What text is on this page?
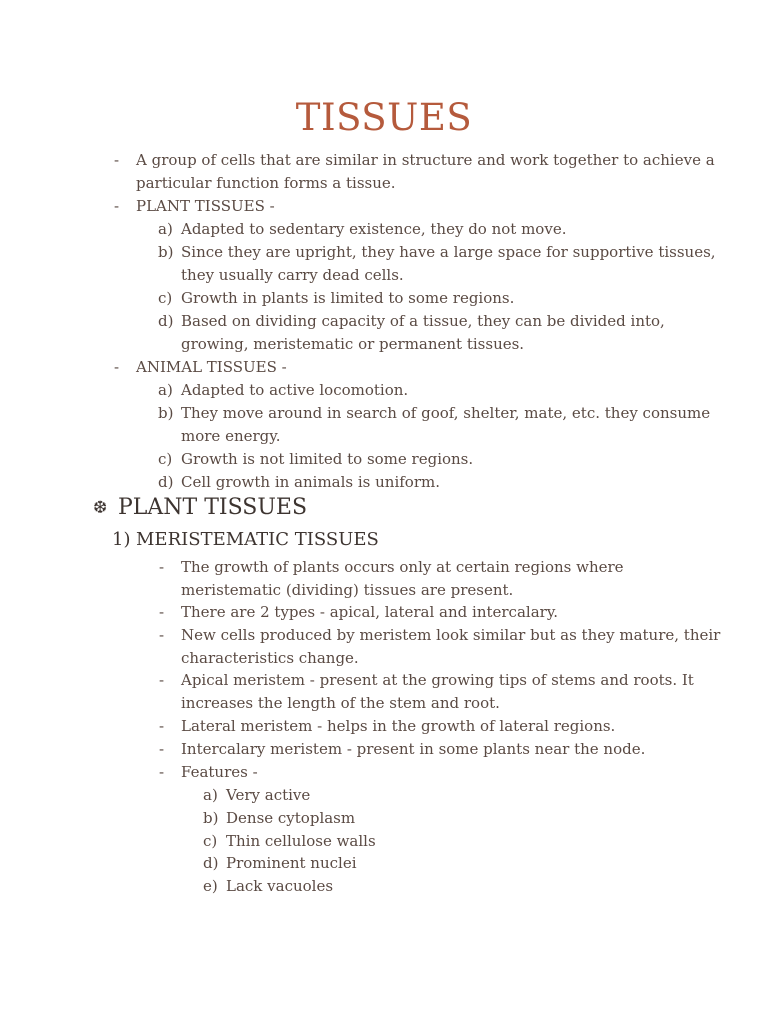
TISSUES
- A group of cells that are similar in structure and work together to achieve a
particular function forms a tissue.
- PLANT TISSUES -
a) Adapted to sedentary existence, they do not move.
b) Since they are upright, they have a large space for supportive tissues,
they usually carry dead cells.
c) Growth in plants is limited to some regions.
d) Based on dividing capacity of a tissue, they can be divided into,
growing, meristematic or permanent tissues.
- ANIMAL TISSUES -
a) Adapted to active locomotion.
b) They move around in search of goof, shelter, mate, etc. they consume
more energy.
c) Growth is not limited to some regions.
d) Cell growth in animals is uniform.
❆ PLANT TISSUES
1) MERISTEMATIC TISSUES
- The growth of plants occurs only at certain regions where
meristematic (dividing) tissues are present.
- There are 2 types - apical, lateral and intercalary.
- New cells produced by meristem look similar but as they mature, their
characteristics change.
- Apical meristem - present at the growing tips of stems and roots. It
increases the length of the stem and root.
- Lateral meristem - helps in the growth of lateral regions.
- Intercalary meristem - present in some plants near the node.
- Features -
a) Very active
b) Dense cytoplasm
c) Thin cellulose walls
d) Prominent nuclei
e) Lack vacuoles
